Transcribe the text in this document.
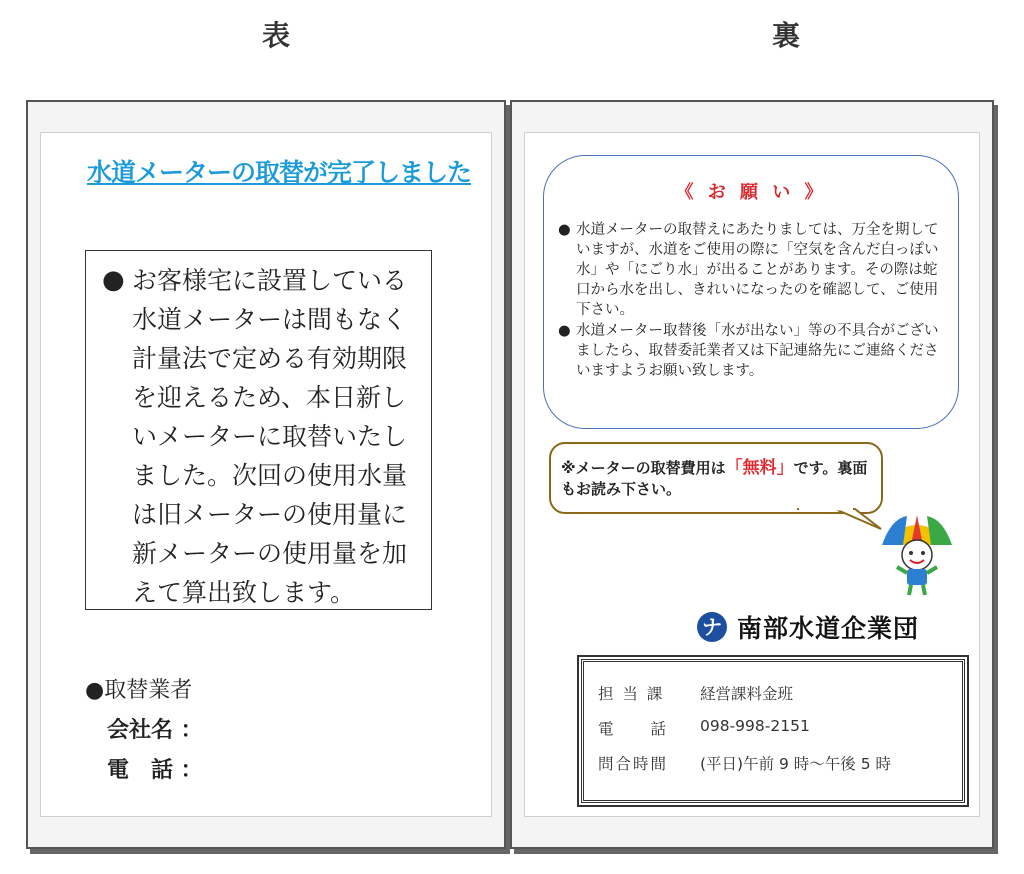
表	裏
水道メーターの取替が完了しました
● お客様宅に設置している水道メーターは間もなく計量法で定める有効期限を迎えるため、本日新しいメーターに取替いたしました。次回の使用水量は旧メーターの使用量に新メーターの使用量を加えて算出致します。
●取替業者
会社名 ：
電　話 ：
《 お 願 い 》
● 水道メーターの取替えにあたりましては、万全を期していますが、水道をご使用の際に「空気を含んだ白っぽい水」や「にごり水」が出ることがあります。その際は蛇口から水を出し、きれいになったのを確認して、ご使用下さい。
● 水道メーター取替後「水が出ない」等の不具合がございましたら、取替委託業者又は下記連絡先にご連絡くださいますようお願い致します。
※メーターの取替費用は「無料」です。裏面もお読み下さい。
ナ 南部水道企業団
担 当 課	経営課料金班
電　　話	098-998-2151
問合時間	(平日)午前 9 時～午後 5 時
